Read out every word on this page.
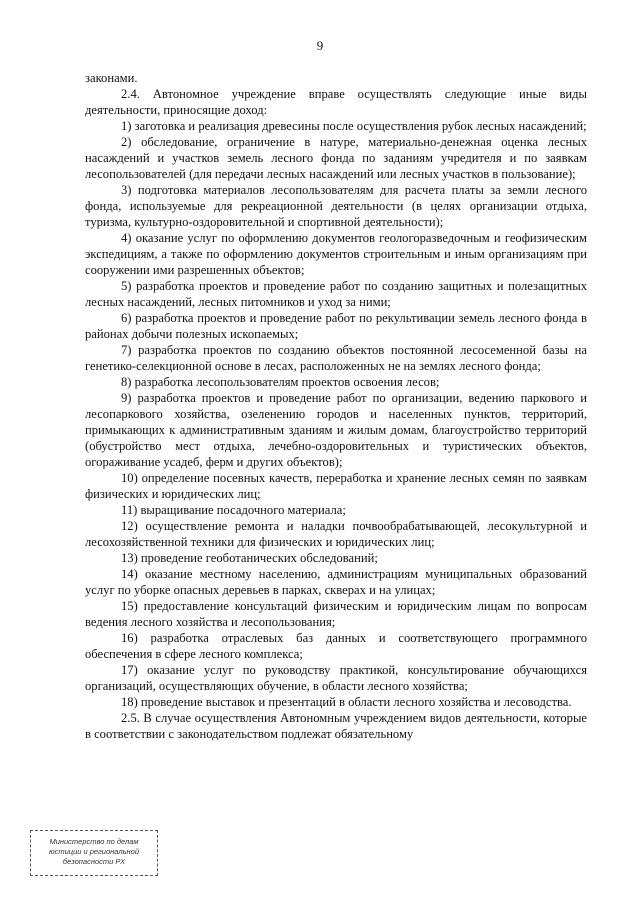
9

законами.

2.4. Автономное учреждение вправе осуществлять следующие иные виды деятельности, приносящие доход:

1) заготовка и реализация древесины после осуществления рубок лесных насаждений;

2) обследование, ограничение в натуре, материально-денежная оценка лесных насаждений и участков земель лесного фонда по заданиям учредителя и по заявкам лесопользователей (для передачи лесных насаждений или лесных участков в пользование);

3) подготовка материалов лесопользователям для расчета платы за земли лесного фонда, используемые для рекреационной деятельности (в целях организации отдыха, туризма, культурно-оздоровительной и спортивной деятельности);

4) оказание услуг по оформлению документов геологоразведочным и геофизическим экспедициям, а также по оформлению документов строительным и иным организациям при сооружении ими разрешенных объектов;

5) разработка проектов и проведение работ по созданию защитных и полезащитных лесных насаждений, лесных питомников и уход за ними;

6) разработка проектов и проведение работ по рекультивации земель лесного фонда в районах добычи полезных ископаемых;

7) разработка проектов по созданию объектов постоянной лесосеменной базы на генетико-селекционной основе в лесах, расположенных не на землях лесного фонда;

8) разработка лесопользователям проектов освоения лесов;

9) разработка проектов и проведение работ по организации, ведению паркового и лесопаркового хозяйства, озеленению городов и населенных пунктов, территорий, примыкающих к административным зданиям и жилым домам, благоустройство территорий (обустройство мест отдыха, лечебно-оздоровительных и туристических объектов, огораживание усадеб, ферм и других объектов);

10) определение посевных качеств, переработка и хранение лесных семян по заявкам физических и юридических лиц;

11) выращивание посадочного материала;

12) осуществление ремонта и наладки почвообрабатывающей, лесокультурной и лесохозяйственной техники для физических и юридических лиц;

13) проведение геоботанических обследований;

14) оказание местному населению, администрациям муниципальных образований услуг по уборке опасных деревьев в парках, скверах и на улицах;

15) предоставление консультаций физическим и юридическим лицам по вопросам ведения лесного хозяйства и лесопользования;

16) разработка отраслевых баз данных и соответствующего программного обеспечения в сфере лесного комплекса;

17) оказание услуг по руководству практикой, консультирование обучающихся организаций, осуществляющих обучение, в области лесного хозяйства;

18) проведение выставок и презентаций в области лесного хозяйства и лесоводства.

2.5. В случае осуществления Автономным учреждением видов деятельности, которые в соответствии с законодательством подлежат обязательному

Министерство по делам
юстиции и региональной
безопасности РХ
